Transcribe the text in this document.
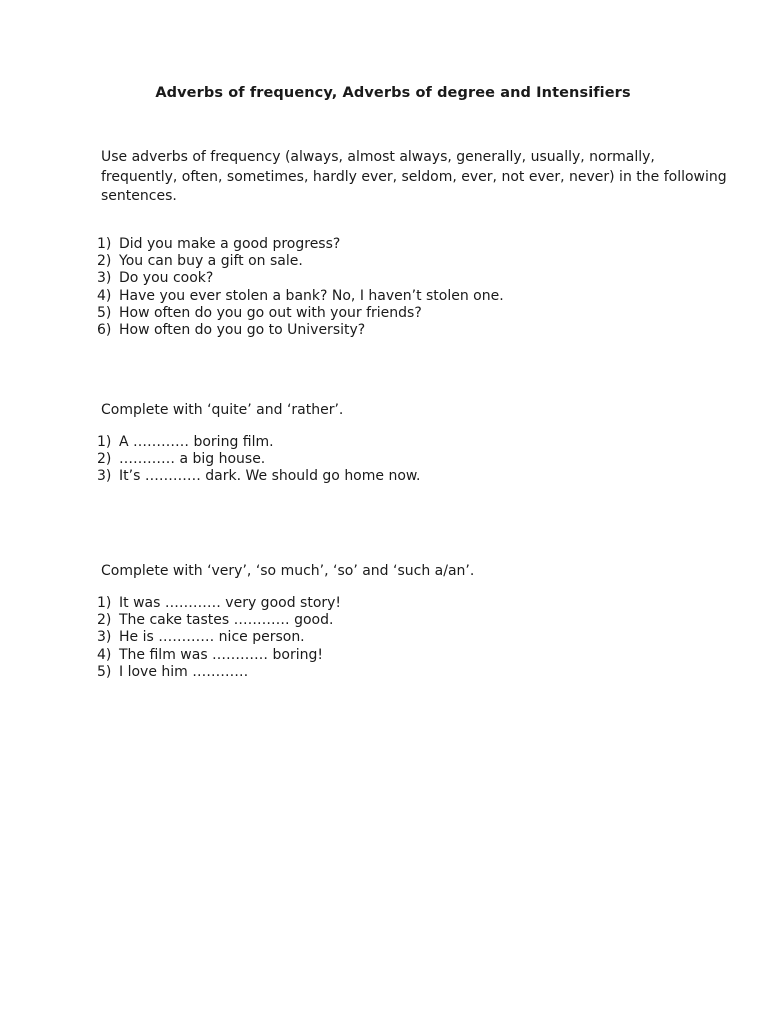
Adverbs of frequency, Adverbs of degree and Intensifiers
Use adverbs of frequency (always, almost always, generally, usually, normally, frequently, often, sometimes, hardly ever, seldom, ever, not ever, never) in the following sentences.
1) Did you make a good progress?
2) You can buy a gift on sale.
3) Do you cook?
4) Have you ever stolen a bank? No, I haven’t stolen one.
5) How often do you go out with your friends?
6) How often do you go to University?
Complete with ‘quite’ and ‘rather’.
1) A ………… boring film.
2) ………… a big house.
3) It’s ………… dark. We should go home now.
Complete with ‘very’, ‘so much’, ‘so’ and ‘such a/an’.
1) It was ………… very good story!
2) The cake tastes ………… good.
3) He is ………… nice person.
4) The film was ………… boring!
5) I love him …………
